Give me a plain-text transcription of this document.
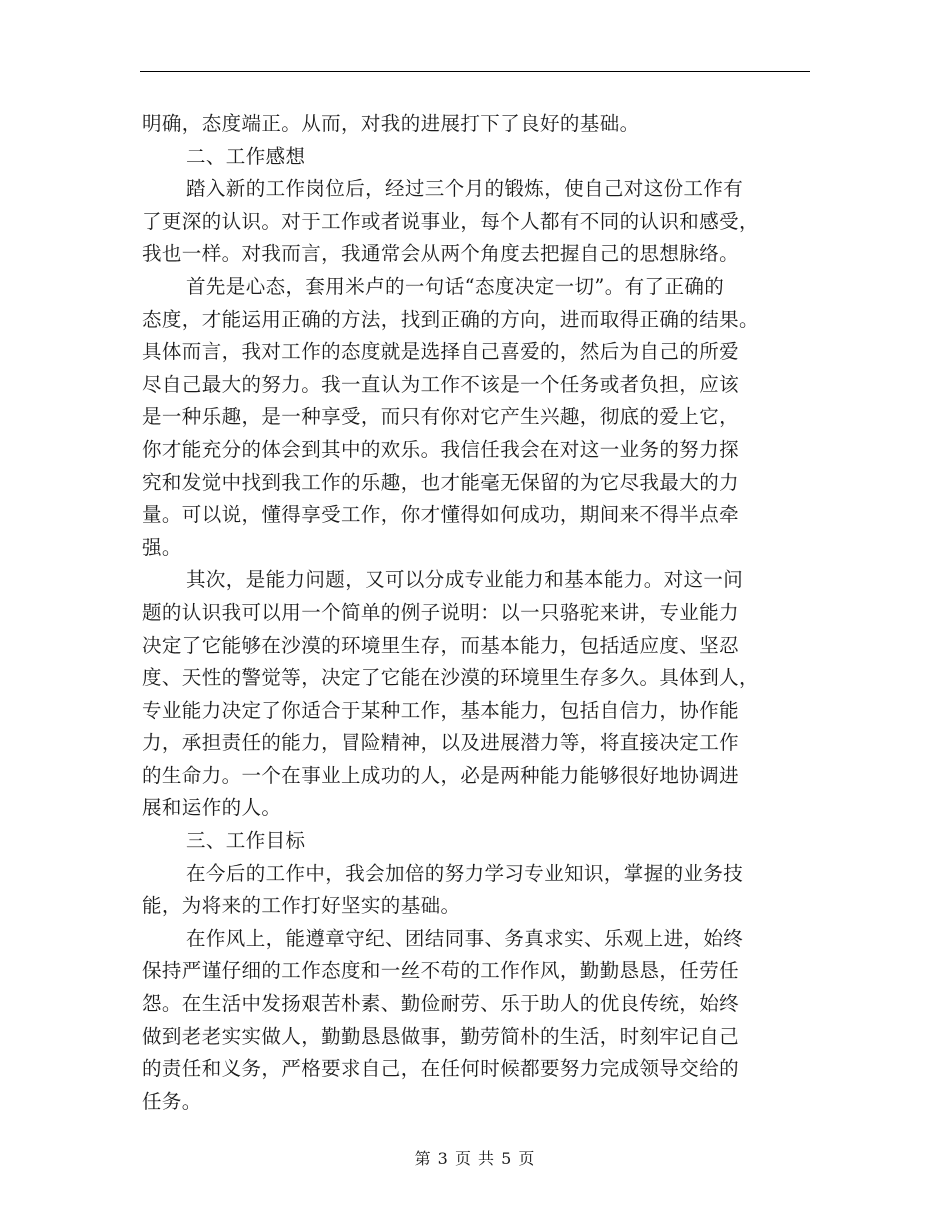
明确，态度端正。从而，对我的进展打下了良好的基础。
二、工作感想
踏入新的工作岗位后，经过三个月的锻炼，使自己对这份工作有
了更深的认识。对于工作或者说事业，每个人都有不同的认识和感受，
我也一样。对我而言，我通常会从两个角度去把握自己的思想脉络。
首先是心态，套用米卢的一句话“态度决定一切”。有了正确的
态度，才能运用正确的方法，找到正确的方向，进而取得正确的结果。
具体而言，我对工作的态度就是选择自己喜爱的，然后为自己的所爱
尽自己最大的努力。我一直认为工作不该是一个任务或者负担，应该
是一种乐趣，是一种享受，而只有你对它产生兴趣，彻底的爱上它，
你才能充分的体会到其中的欢乐。我信任我会在对这一业务的努力探
究和发觉中找到我工作的乐趣，也才能毫无保留的为它尽我最大的力
量。可以说，懂得享受工作，你才懂得如何成功，期间来不得半点牵
强。
其次，是能力问题，又可以分成专业能力和基本能力。对这一问
题的认识我可以用一个简单的例子说明：以一只骆驼来讲，专业能力
决定了它能够在沙漠的环境里生存，而基本能力，包括适应度、坚忍
度、天性的警觉等，决定了它能在沙漠的环境里生存多久。具体到人，
专业能力决定了你适合于某种工作，基本能力，包括自信力，协作能
力，承担责任的能力，冒险精神，以及进展潜力等，将直接决定工作
的生命力。一个在事业上成功的人，必是两种能力能够很好地协调进
展和运作的人。
三、工作目标
在今后的工作中，我会加倍的努力学习专业知识，掌握的业务技
能，为将来的工作打好坚实的基础。
在作风上，能遵章守纪、团结同事、务真求实、乐观上进，始终
保持严谨仔细的工作态度和一丝不苟的工作作风，勤勤恳恳，任劳任
怨。在生活中发扬艰苦朴素、勤俭耐劳、乐于助人的优良传统，始终
做到老老实实做人，勤勤恳恳做事，勤劳简朴的生活，时刻牢记自己
的责任和义务，严格要求自己，在任何时候都要努力完成领导交给的
任务。
第 3 页 共 5 页
